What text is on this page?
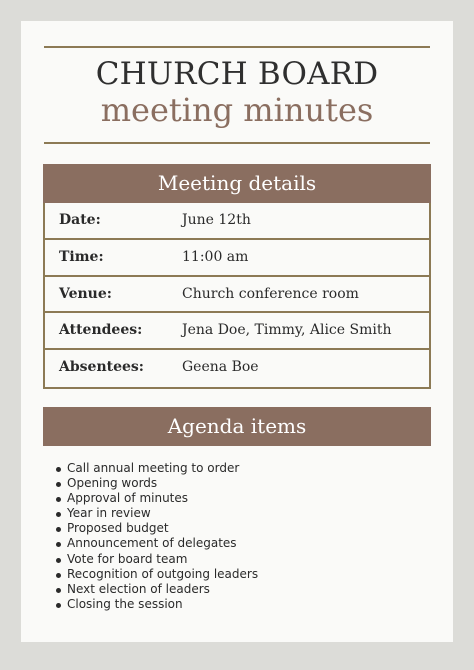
CHURCH BOARD
meeting minutes
Meeting details
Date:	June 12th
Time:	11:00 am
Venue:	Church conference room
Attendees:	Jena Doe, Timmy, Alice Smith
Absentees:	Geena Boe
Agenda items
Call annual meeting to order
Opening words
Approval of minutes
Year in review
Proposed budget
Announcement of delegates
Vote for board team
Recognition of outgoing leaders
Next election of leaders
Closing the session
